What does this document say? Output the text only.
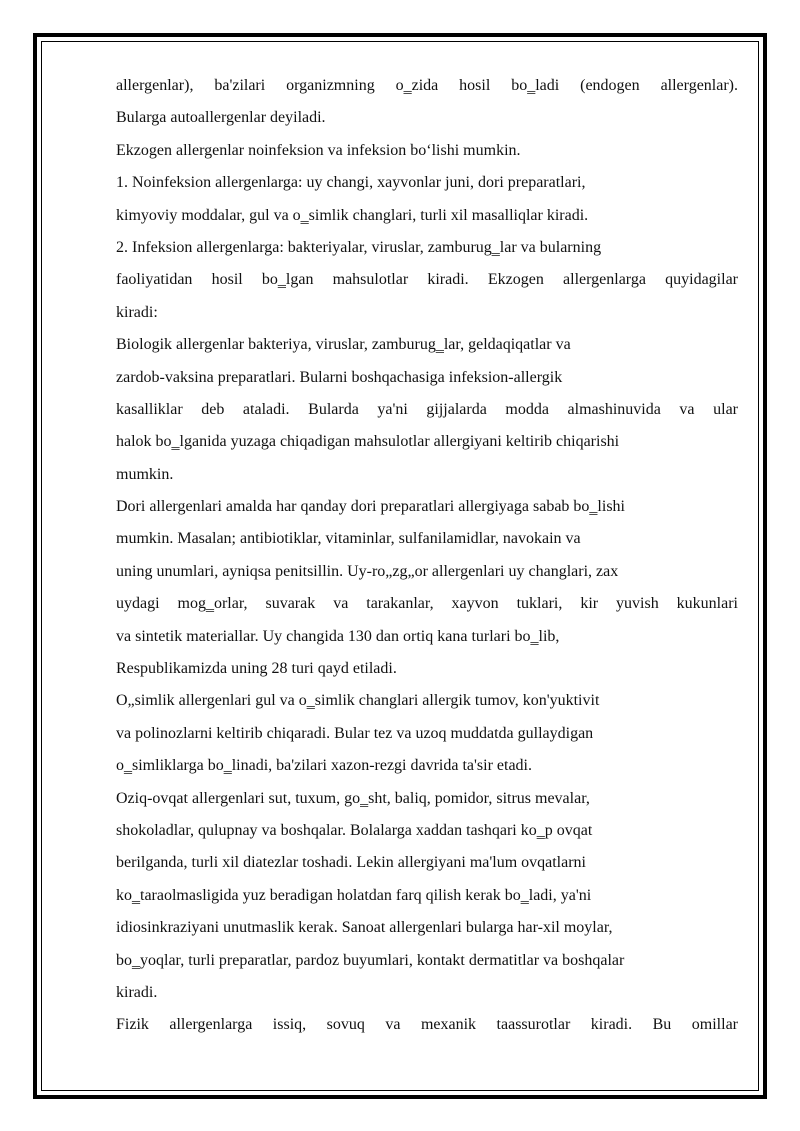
allergenlar), ba'zilari organizmning o‗zida hosil bo‗ladi (endogen allergenlar).
Bularga autoallergenlar deyiladi.
Ekzogen allergenlar noinfeksion va infeksion bo‘lishi mumkin.
1. Noinfeksion allergenlarga: uy changi, xayvonlar juni, dori preparatlari,
kimyoviy moddalar, gul va o‗simlik changlari, turli xil masalliqlar kiradi.
2. Infeksion allergenlarga: bakteriyalar, viruslar, zamburug‗lar va bularning
faoliyatidan hosil bo‗lgan mahsulotlar kiradi. Ekzogen allergenlarga quyidagilar
kiradi:
Biologik allergenlar bakteriya, viruslar, zamburug‗lar, geldaqiqatlar va
zardob-vaksina preparatlari. Bularni boshqachasiga infeksion-allergik
kasalliklar deb ataladi. Bularda ya'ni gijjalarda modda almashinuvida va ular
halok bo‗lganida yuzaga chiqadigan mahsulotlar allergiyani keltirib chiqarishi
mumkin.
Dori allergenlari amalda har qanday dori preparatlari allergiyaga sabab bo‗lishi
mumkin. Masalan; antibiotiklar, vitaminlar, sulfanilamidlar, navokain va
uning unumlari, ayniqsa penitsillin. Uy-ro„zg„or allergenlari uy changlari, zax
uydagi mog‗orlar, suvarak va tarakanlar, xayvon tuklari, kir yuvish kukunlari
va sintetik materiallar. Uy changida 130 dan ortiq kana turlari bo‗lib,
Respublikamizda uning 28 turi qayd etiladi.
O„simlik allergenlari gul va o‗simlik changlari allergik tumov, kon'yuktivit
va polinozlarni keltirib chiqaradi. Bular tez va uzoq muddatda gullaydigan
o‗simliklarga bo‗linadi, ba'zilari xazon-rezgi davrida ta'sir etadi.
Oziq-ovqat allergenlari sut, tuxum, go‗sht, baliq, pomidor, sitrus mevalar,
shokoladlar, qulupnay va boshqalar. Bolalarga xaddan tashqari ko‗p ovqat
berilganda, turli xil diatezlar toshadi. Lekin allergiyani ma'lum ovqatlarni
ko‗taraolmasligida yuz beradigan holatdan farq qilish kerak bo‗ladi, ya'ni
idiosinkraziyani unutmaslik kerak. Sanoat allergenlari bularga har-xil moylar,
bo‗yoqlar, turli preparatlar, pardoz buyumlari, kontakt dermatitlar va boshqalar
kiradi.
Fizik allergenlarga issiq, sovuq va mexanik taassurotlar kiradi. Bu omillar
